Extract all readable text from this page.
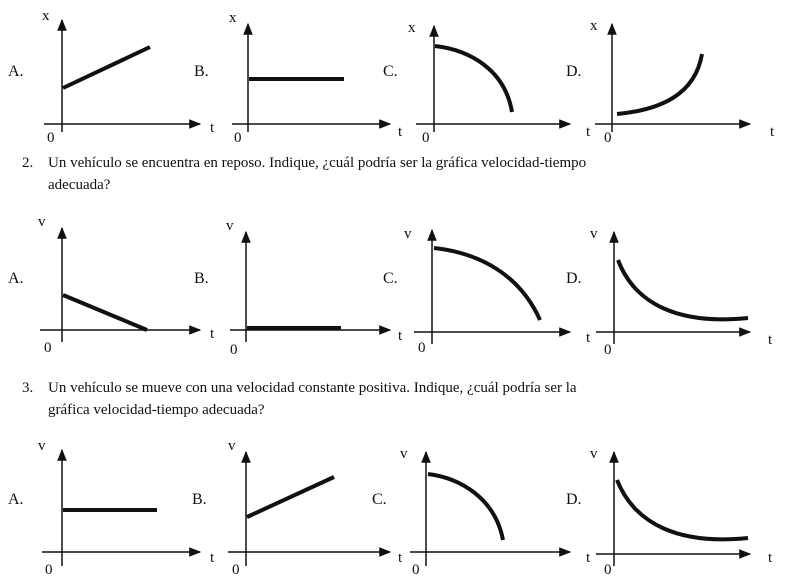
A.
x
t
0
B.
x
t
0
C.
x
t
0
D.
x
t
0
A.
v
t
0
B.
v
t
0
C.
v
t
0
D.
v
t
0
A.
v
t
0
B.
v
t
0
C.
v
t
0
D.
v
t
0
2. Un vehículo se encuentra en reposo. Indique, ¿cuál podría ser la gráfica velocidad-tiempo
adecuada?
3. Un vehículo se mueve con una velocidad constante positiva. Indique, ¿cuál podría ser la
gráfica velocidad-tiempo adecuada?
